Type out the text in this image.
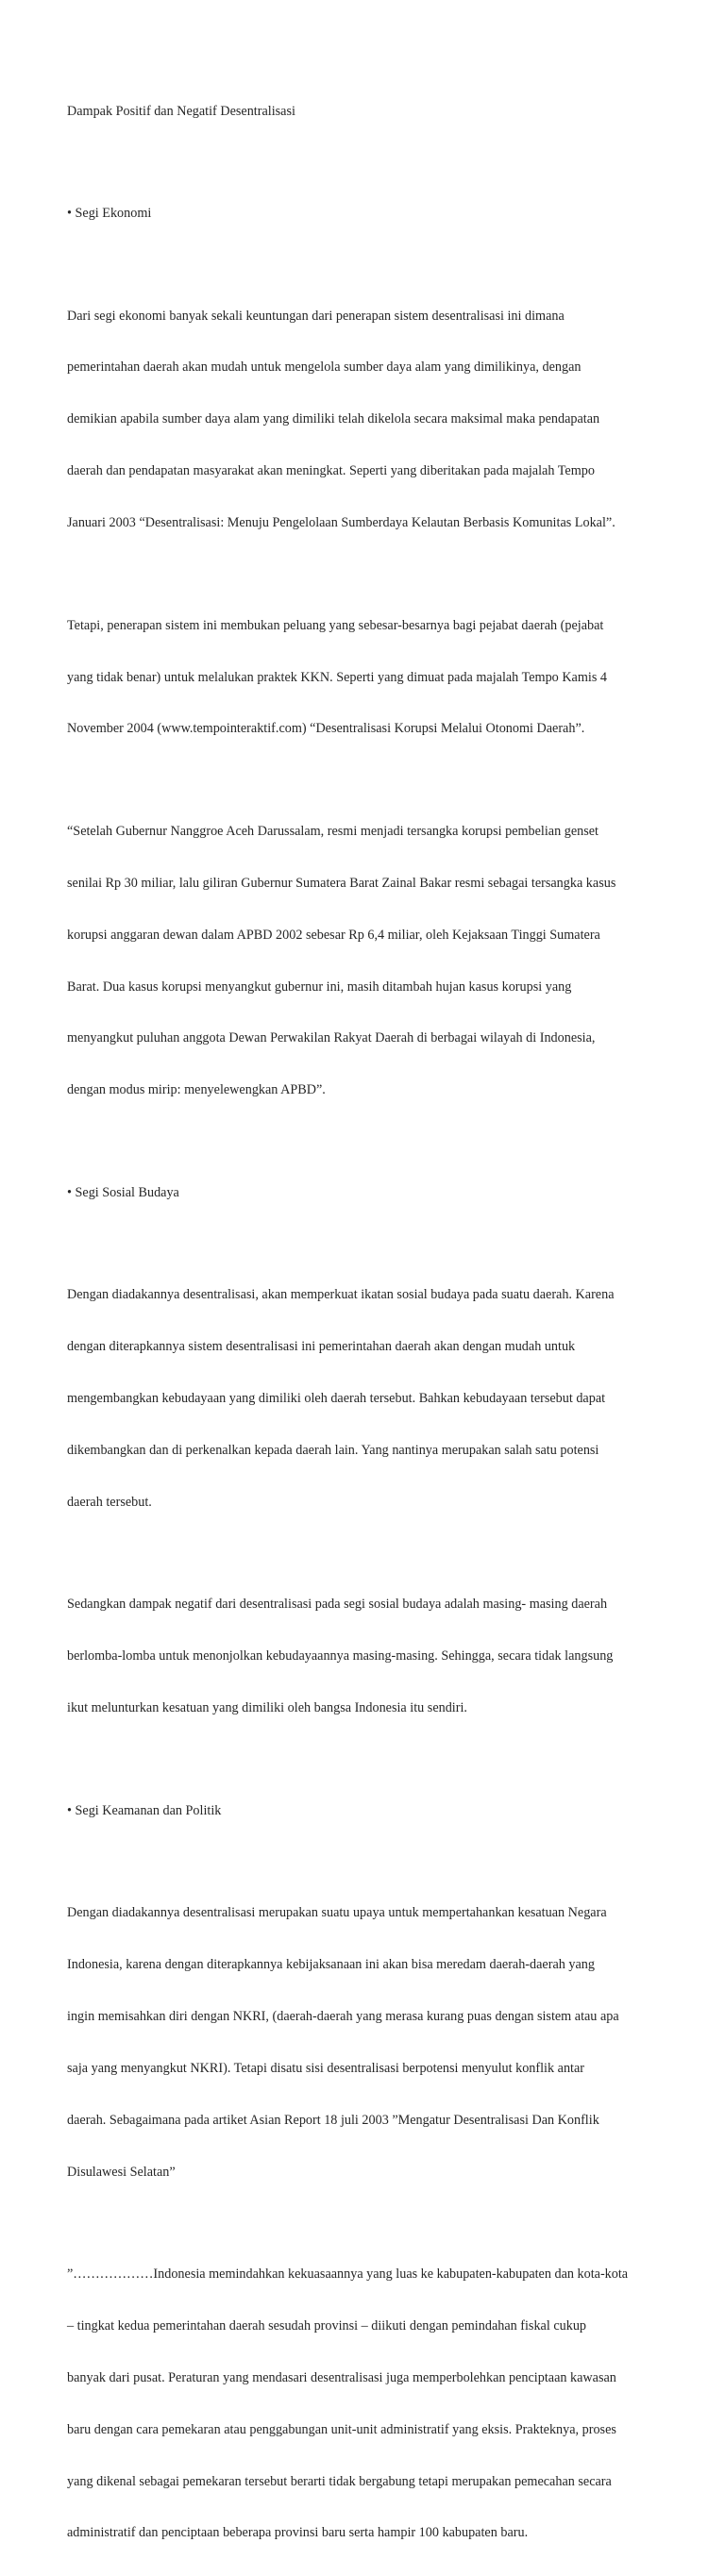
Dampak Positif dan Negatif Desentralisasi

• Segi Ekonomi

Dari segi ekonomi banyak sekali keuntungan dari penerapan sistem desentralisasi ini dimana

pemerintahan daerah akan mudah untuk mengelola sumber daya alam yang dimilikinya, dengan

demikian apabila sumber daya alam yang dimiliki telah dikelola secara maksimal maka pendapatan

daerah dan pendapatan masyarakat akan meningkat. Seperti yang diberitakan pada majalah Tempo

Januari 2003 “Desentralisasi: Menuju Pengelolaan Sumberdaya Kelautan Berbasis Komunitas Lokal”.

Tetapi, penerapan sistem ini membukan peluang yang sebesar-besarnya bagi pejabat daerah (pejabat

yang tidak benar) untuk melalukan praktek KKN. Seperti yang dimuat pada majalah Tempo Kamis 4

November 2004 (www.tempointeraktif.com) “Desentralisasi Korupsi Melalui Otonomi Daerah”.

“Setelah Gubernur Nanggroe Aceh Darussalam, resmi menjadi tersangka korupsi pembelian genset

senilai Rp 30 miliar, lalu giliran Gubernur Sumatera Barat Zainal Bakar resmi sebagai tersangka kasus

korupsi anggaran dewan dalam APBD 2002 sebesar Rp 6,4 miliar, oleh Kejaksaan Tinggi Sumatera

Barat. Dua kasus korupsi menyangkut gubernur ini, masih ditambah hujan kasus korupsi yang

menyangkut puluhan anggota Dewan Perwakilan Rakyat Daerah di berbagai wilayah di Indonesia,

dengan modus mirip: menyelewengkan APBD”.

• Segi Sosial Budaya

Dengan diadakannya desentralisasi, akan memperkuat ikatan sosial budaya pada suatu daerah. Karena

dengan diterapkannya sistem desentralisasi ini pemerintahan daerah akan dengan mudah untuk

mengembangkan kebudayaan yang dimiliki oleh daerah tersebut. Bahkan kebudayaan tersebut dapat

dikembangkan dan di perkenalkan kepada daerah lain. Yang nantinya merupakan salah satu potensi

daerah tersebut.

Sedangkan dampak negatif dari desentralisasi pada segi sosial budaya adalah masing- masing daerah

berlomba-lomba untuk menonjolkan kebudayaannya masing-masing. Sehingga, secara tidak langsung

ikut melunturkan kesatuan yang dimiliki oleh bangsa Indonesia itu sendiri.

• Segi Keamanan dan Politik

Dengan diadakannya desentralisasi merupakan suatu upaya untuk mempertahankan kesatuan Negara

Indonesia, karena dengan diterapkannya kebijaksanaan ini akan bisa meredam daerah-daerah yang

ingin memisahkan diri dengan NKRI, (daerah-daerah yang merasa kurang puas dengan sistem atau apa

saja yang menyangkut NKRI). Tetapi disatu sisi desentralisasi berpotensi menyulut konflik antar

daerah. Sebagaimana pada artiket Asian Report 18 juli 2003 ”Mengatur Desentralisasi Dan Konflik

Disulawesi Selatan”

”………………Indonesia memindahkan kekuasaannya yang luas ke kabupaten-kabupaten dan kota-kota

– tingkat kedua pemerintahan daerah sesudah provinsi – diikuti dengan pemindahan fiskal cukup

banyak dari pusat. Peraturan yang mendasari desentralisasi juga memperbolehkan penciptaan kawasan

baru dengan cara pemekaran atau penggabungan unit-unit administratif yang eksis. Prakteknya, proses

yang dikenal sebagai pemekaran tersebut berarti tidak bergabung tetapi merupakan pemecahan secara

administratif dan penciptaan beberapa provinsi baru serta hampir 100 kabupaten baru.
